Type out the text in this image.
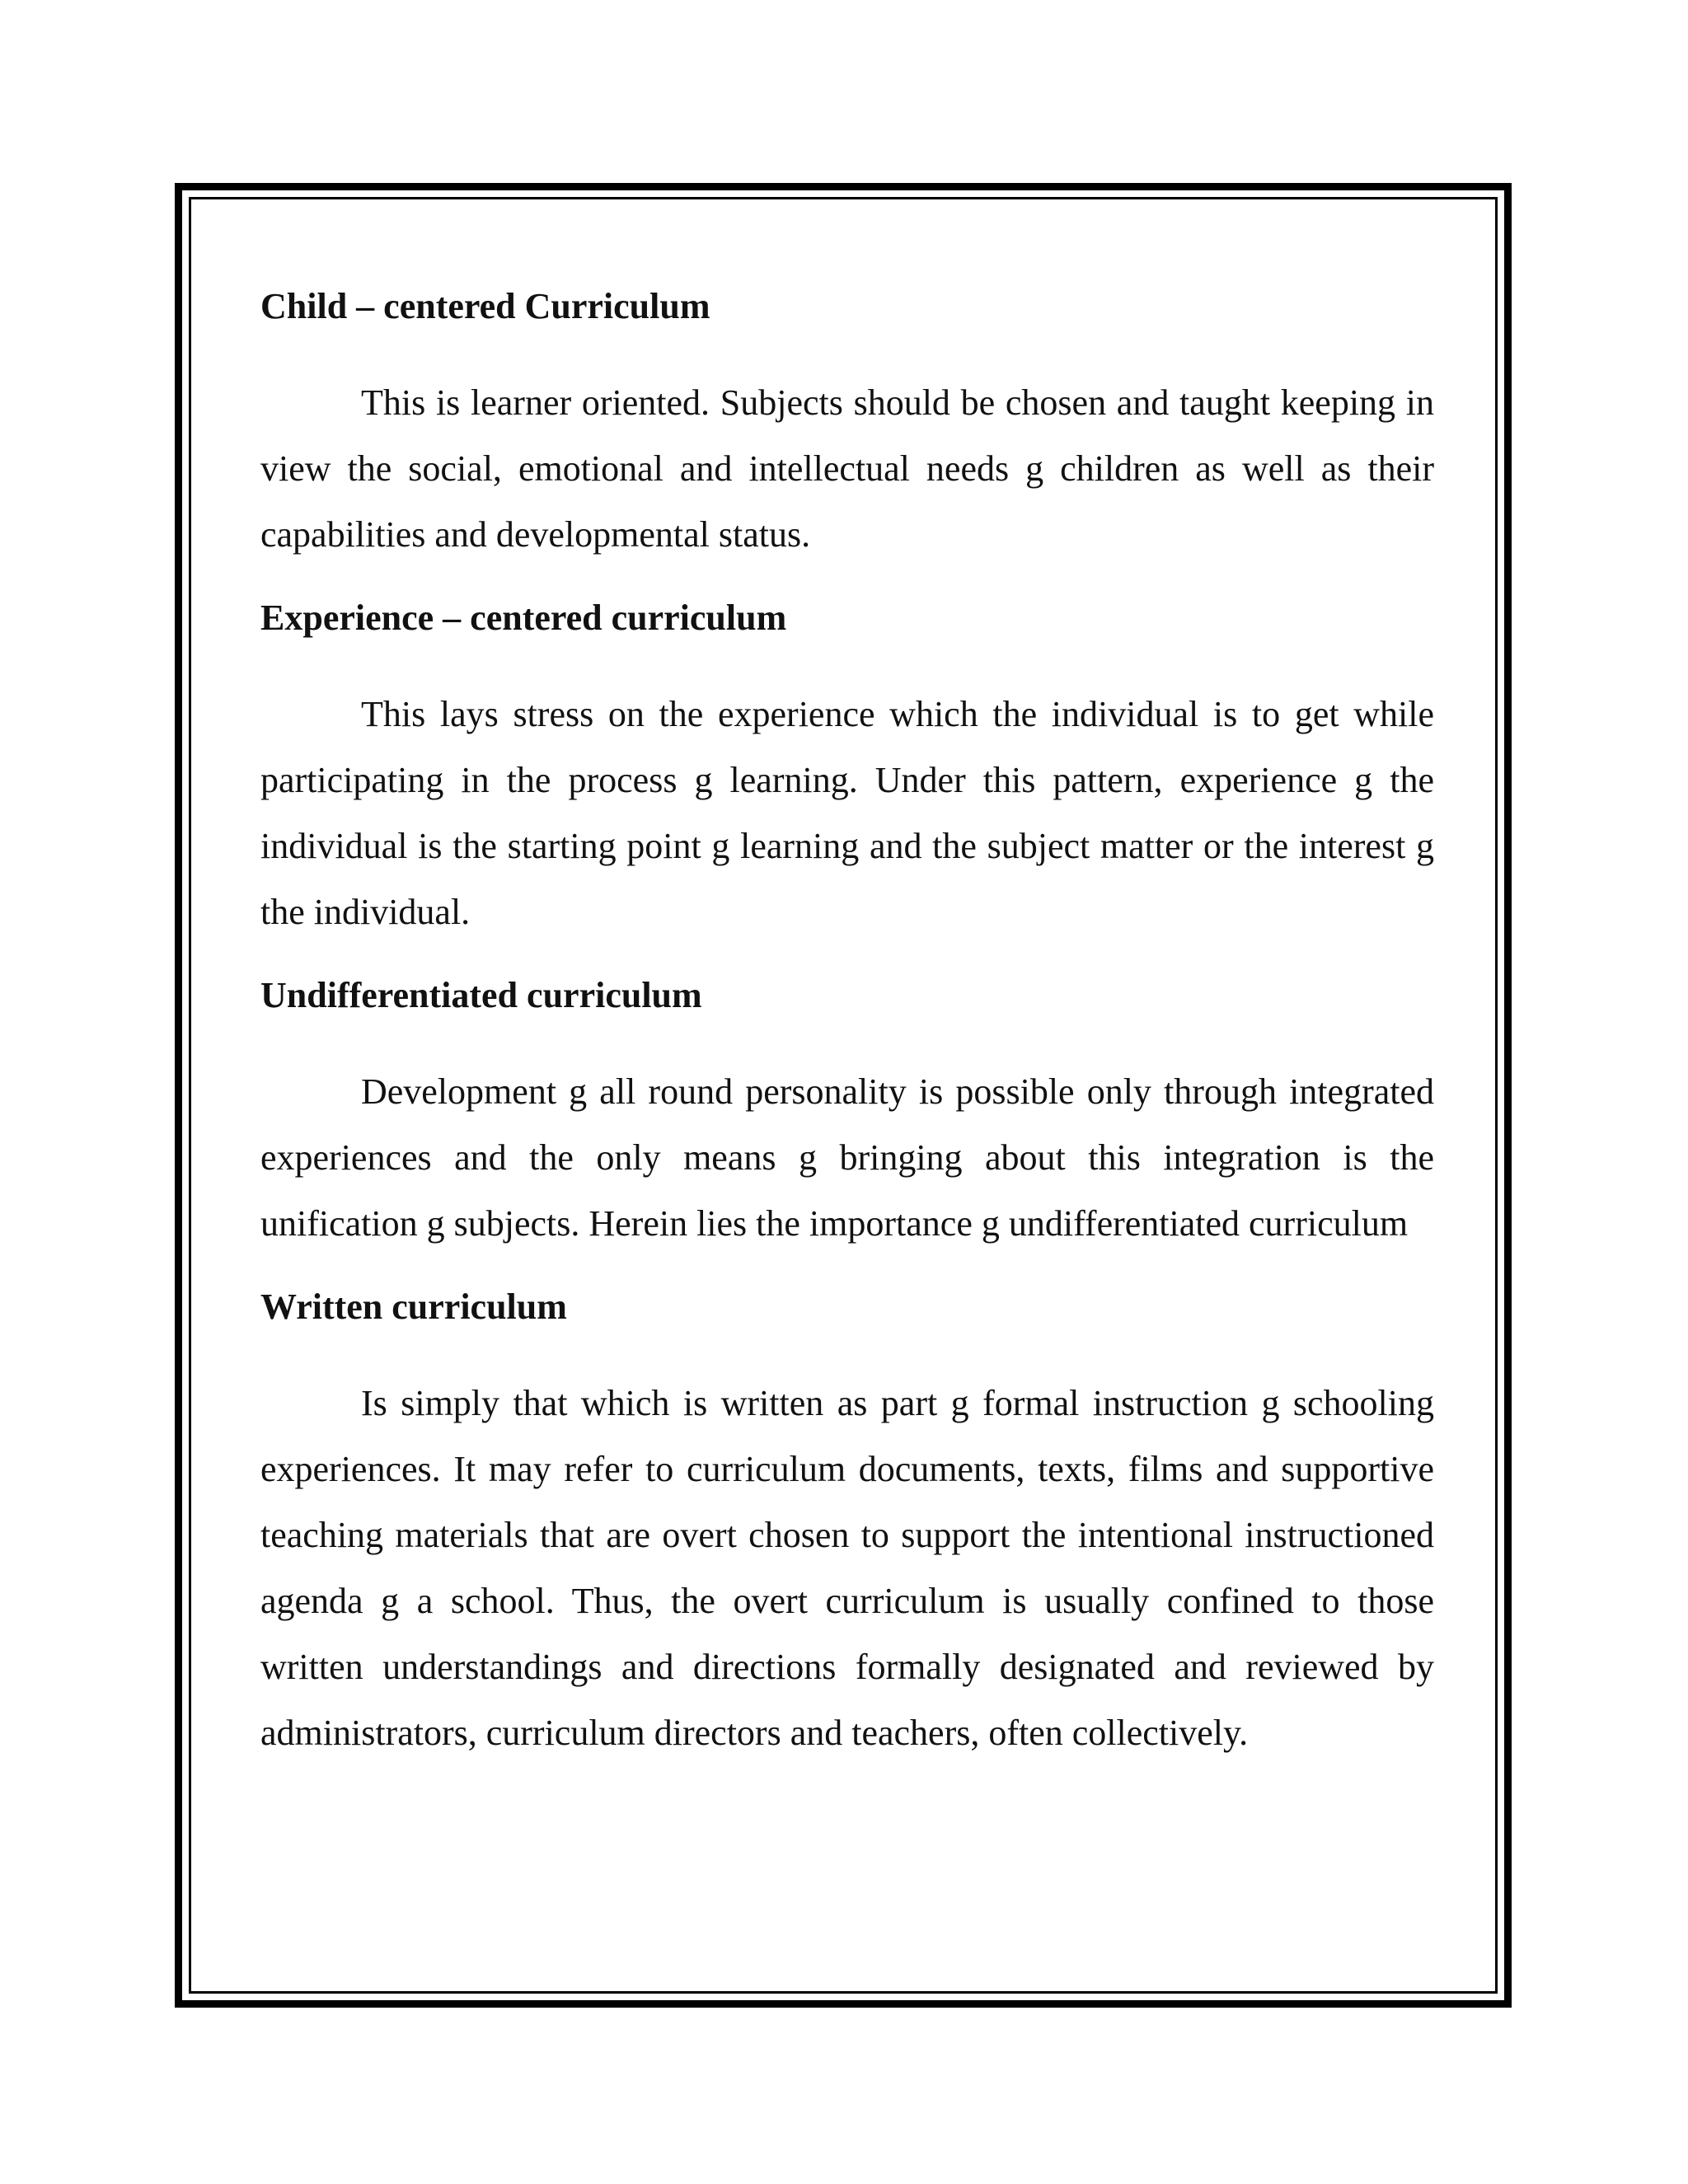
Child – centered Curriculum

This is learner oriented. Subjects should be chosen and taught keeping in view the social, emotional and intellectual needs g children as well as their capabilities and developmental status.

Experience – centered curriculum

This lays stress on the experience which the individual is to get while participating in the process g learning. Under this pattern, experience g the individual is the starting point g learning and the subject matter or the interest g the individual.

Undifferentiated curriculum

Development g all round personality is possible only through integrated experiences and the only means g bringing about this integration is the unification g subjects. Herein lies the importance g undifferentiated curriculum

Written curriculum

Is simply that which is written as part g formal instruction g schooling experiences. It may refer to curriculum documents, texts, films and supportive teaching materials that are overt chosen to support the intentional instructioned agenda g a school. Thus, the overt curriculum is usually confined to those written understandings and directions formally designated and reviewed by administrators, curriculum directors and teachers, often collectively.
